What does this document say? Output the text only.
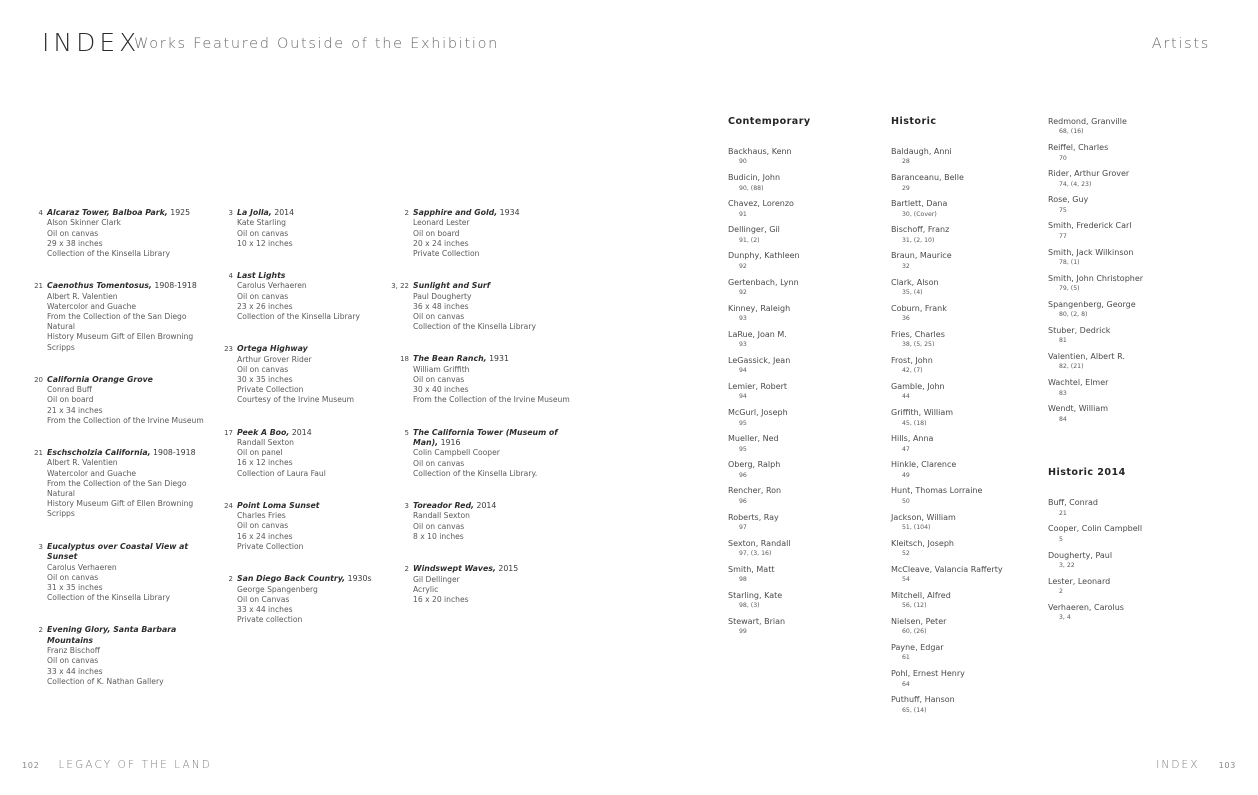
INDEX
Works Featured Outside of the Exhibition	Artists
4 Alcaraz Tower, Balboa Park, 1925
Alson Skinner Clark
Oil on canvas
29 x 38 inches
Collection of the Kinsella Library
21 Caenothus Tomentosus, 1908-1918
Albert R. Valentien
Watercolor and Guache
From the Collection of the San Diego Natural
History Museum Gift of Ellen Browning Scripps
20 California Orange Grove
Conrad Buff
Oil on board
21 x 34 inches
From the Collection of the Irvine Museum
21 Eschscholzia California, 1908-1918
Albert R. Valentien
Watercolor and Guache
From the Collection of the San Diego Natural
History Museum Gift of Ellen Browning Scripps
3 Eucalyptus over Coastal View at Sunset
Carolus Verhaeren
Oil on canvas
31 x 35 inches
Collection of the Kinsella Library
2 Evening Glory, Santa Barbara Mountains
Franz Bischoff
Oil on canvas
33 x 44 inches
Collection of K. Nathan Gallery
3 La Jolla, 2014
Kate Starling
Oil on canvas
10 x 12 inches
4 Last Lights
Carolus Verhaeren
Oil on canvas
23 x 26 inches
Collection of the Kinsella Library
23 Ortega Highway
Arthur Grover Rider
Oil on canvas
30 x 35 inches
Private Collection
Courtesy of the Irvine Museum
17 Peek A Boo, 2014
Randall Sexton
Oil on panel
16 x 12 inches
Collection of Laura Faul
24 Point Loma Sunset
Charles Fries
Oil on canvas
16 x 24 inches
Private Collection
2 San Diego Back Country, 1930s
George Spangenberg
Oil on Canvas
33 x 44 inches
Private collection
2 Sapphire and Gold, 1934
Leonard Lester
Oil on board
20 x 24 inches
Private Collection
3, 22 Sunlight and Surf
Paul Dougherty
36 x 48 inches
Oil on canvas
Collection of the Kinsella Library
18 The Bean Ranch, 1931
William Griffith
Oil on canvas
30 x 40 inches
From the Collection of the Irvine Museum
5 The California Tower (Museum of Man), 1916
Colin Campbell Cooper
Oil on canvas
Collection of the Kinsella Library.
3 Toreador Red, 2014
Randall Sexton
Oil on canvas
8 x 10 inches
2 Windswept Waves, 2015
Gil Dellinger
Acrylic
16 x 20 inches
Contemporary
Backhaus, Kenn
90
Budicin, John
90, (88)
Chavez, Lorenzo
91
Dellinger, Gil
91, (2)
Dunphy, Kathleen
92
Gertenbach, Lynn
92
Kinney, Raleigh
93
LaRue, Joan M.
93
LeGassick, Jean
94
Lemier, Robert
94
McGurl, Joseph
95
Mueller, Ned
95
Oberg, Ralph
96
Rencher, Ron
96
Roberts, Ray
97
Sexton, Randall
97, (3, 16)
Smith, Matt
98
Starling, Kate
98, (3)
Stewart, Brian
99
Historic
Baldaugh, Anni
28
Baranceanu, Belle
29
Bartlett, Dana
30, (Cover)
Bischoff, Franz
31, (2, 10)
Braun, Maurice
32
Clark, Alson
35, (4)
Coburn, Frank
36
Fries, Charles
38, (5, 25)
Frost, John
42, (7)
Gamble, John
44
Griffith, William
45, (18)
Hills, Anna
47
Hinkle, Clarence
49
Hunt, Thomas Lorraine
50
Jackson, William
51, (104)
Kleitsch, Joseph
52
McCleave, Valancia Rafferty
54
Mitchell, Alfred
56, (12)
Nielsen, Peter
60, (26)
Payne, Edgar
61
Pohl, Ernest Henry
64
Puthuff, Hanson
65, (14)
Redmond, Granville
68, (16)
Reiffel, Charles
70
Rider, Arthur Grover
74, (4, 23)
Rose, Guy
75
Smith, Frederick Carl
77
Smith, Jack Wilkinson
78, (1)
Smith, John Christopher
79, (5)
Spangenberg, George
80, (2, 8)
Stuber, Dedrick
81
Valentien, Albert R.
82, (21)
Wachtel, Elmer
83
Wendt, William
84
Historic 2014
Buff, Conrad
21
Cooper, Colin Campbell
5
Dougherty, Paul
3, 22
Lester, Leonard
2
Verhaeren, Carolus
3, 4
102 LEGACY OF THE LAND	INDEX 103
